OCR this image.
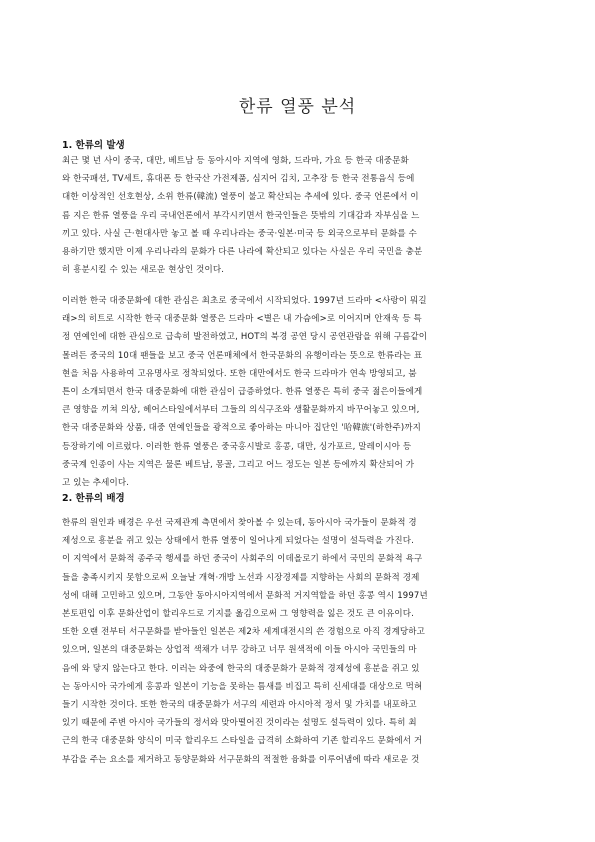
한류 열풍 분석
1. 한류의 발생
최근 몇 년 사이 중국, 대만, 베트남 등 동아시아 지역에 영화, 드라마, 가요 등 한국 대중문화
와 한국패션, TV세트, 휴대폰 등 한국산 가전제품, 심지어 김치, 고추장 등 한국 전통음식 등에
대한 이상적인 선호현상, 소위 한류(韓流) 열풍이 불고 확산되는 추세에 있다. 중국 언론에서 이
름 지은 한류 열풍을 우리 국내언론에서 부각시키면서 한국인들은 뜻밖의 기대감과 자부심을 느
끼고 있다. 사실 근·현대사만 놓고 볼 때 우리나라는 중국·일본·미국 등 외국으로부터 문화를 수
용하기만 했지만 이제 우리나라의 문화가 다른 나라에 확산되고 있다는 사실은 우리 국민을 충분
히 흥분시킬 수 있는 새로운 현상인 것이다.
이러한 한국 대중문화에 대한 관심은 최초로 중국에서 시작되었다. 1997년 드라마 <사랑이 뭐길
래>의 히트로 시작한 한국 대중문화 열풍은 드라마 <별은 내 가슴에>로 이어지며 안재욱 등 특
정 연예인에 대한 관심으로 급속히 발전하였고, HOT의 북경 공연 당시 공연관람을 위해 구름같이
몰려든 중국의 10대 팬들을 보고 중국 언론매체에서 한국문화의 유행이라는 뜻으로 한류라는 표
현을 처음 사용하여 고유명사로 정착되었다. 또한 대만에서도 한국 드라마가 연속 방영되고, 붐
튼이 소개되면서 한국 대중문화에 대한 관심이 급증하였다. 한류 열풍은 특히 중국 젊은이들에게
큰 영향을 끼쳐 의상, 헤어스타일에서부터 그들의 의식구조와 생활문화까지 바꾸어놓고 있으며,
한국 대중문화와 상품, 대중 연예인들을 광적으로 좋아하는 마니아 집단인 '哈韓族'(하한주)까지
등장하기에 이르렀다. 이러한 한류 열풍은 중국홍시발로 홍콩, 대만, 싱가포르, 말레이시아 등
중국계 인종이 사는 지역은 물론 베트남, 몽골, 그리고 어느 정도는 일본 등에까지 확산되어 가
고 있는 추세이다.
2. 한류의 배경
한류의 원인과 배경은 우선 국제관계 측면에서 찾아볼 수 있는데, 동아시아 국가들이 문화적 경
제성으로 흥분을 쥐고 있는 상태에서 한류 열풍이 일어나게 되었다는 설명이 설득력을 가진다.
이 지역에서 문화적 종주국 행세를 하던 중국이 사회주의 이데올로기 하에서 국민의 문화적 욕구
들을 충족시키지 못함으로써 오늘날 개혁·개방 노선과 시장경제를 지향하는 사회의 문화적 경제
성에 대해 고민하고 있으며, 그동안 동아시아지역에서 문화적 거지역할을 하던 홍콩 역시 1997년
본토편입 이후 문화산업이 할리우드로 기지를 옮김으로써 그 영향력을 잃은 것도 큰 이유이다.
또한 오랜 전부터 서구문화를 받아들인 일본은 제2차 세계대전시의 쓴 경험으로 아직 경계당하고
있으며, 일본의 대중문화는 상업적 색채가 너무 강하고 너무 원색적에 이들 아시아 국민들의 마
음에 와 닿지 않는다고 한다. 이러는 와중에 한국의 대중문화가 문화적 경제성에 흥분을 쥐고 있
는 동아시아 국가에게 홍콩과 일본이 기능을 못하는 틈새를 비집고 특히 신세대를 대상으로 먹혀
들기 시작한 것이다. 또한 한국의 대중문화가 서구의 세련과 아시아적 정서 및 가치를 내포하고
있기 때문에 주변 아시아 국가들의 정서와 맞아떨어진 것이라는 설명도 설득력이 있다. 특히 최
근의 한국 대중문화 양식이 미국 할리우드 스타일을 급격히 소화하여 기존 할리우드 문화에서 거
부감을 주는 요소를 제거하고 동양문화와 서구문화의 적절한 융화를 이루어냄에 따라 새로운 것
